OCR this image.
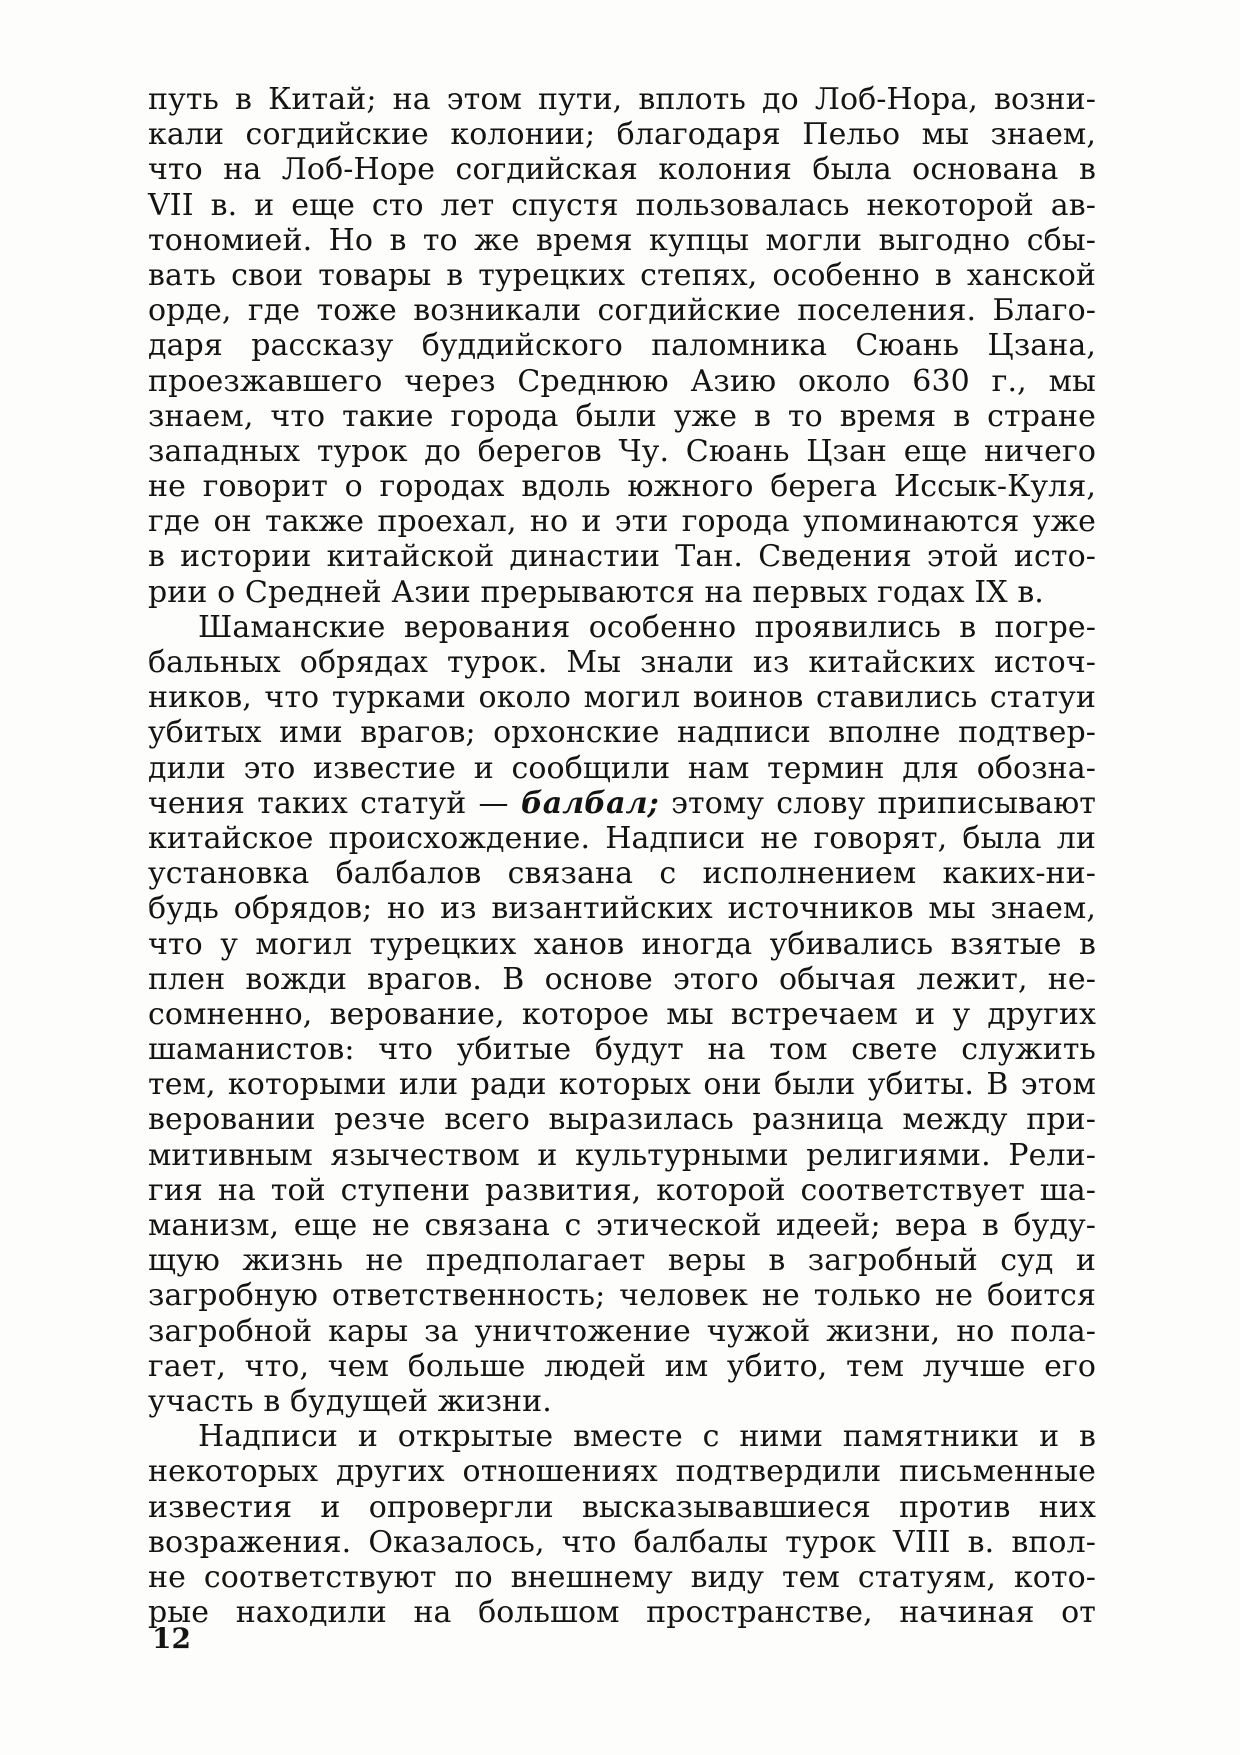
путь в Китай; на этом пути, вплоть до Лоб-Нора, возни-
кали согдийские колонии; благодаря Пельо мы знаем,
что на Лоб-Норе согдийская колония была основана в
VII в. и еще сто лет спустя пользовалась некоторой ав-
тономией. Но в то же время купцы могли выгодно сбы-
вать свои товары в турецких степях, особенно в ханской
орде, где тоже возникали согдийские поселения. Благо-
даря рассказу буддийского паломника Сюань Цзана,
проезжавшего через Среднюю Азию около 630 г., мы
знаем, что такие города были уже в то время в стране
западных турок до берегов Чу. Сюань Цзан еще ничего
не говорит о городах вдоль южного берега Иссык-Куля,
где он также проехал, но и эти города упоминаются уже
в истории китайской династии Тан. Сведения этой исто-
рии о Средней Азии прерываются на первых годах IX в.
Шаманские верования особенно проявились в погре-
бальных обрядах турок. Мы знали из китайских источ-
ников, что турками около могил воинов ставились статуи
убитых ими врагов; орхонские надписи вполне подтвер-
дили это известие и сообщили нам термин для обозна-
чения таких статуй — балбал; этому слову приписывают
китайское происхождение. Надписи не говорят, была ли
установка балбалов связана с исполнением каких-ни-
будь обрядов; но из византийских источников мы знаем,
что у могил турецких ханов иногда убивались взятые в
плен вожди врагов. В основе этого обычая лежит, не-
сомненно, верование, которое мы встречаем и у других
шаманистов: что убитые будут на том свете служить
тем, которыми или ради которых они были убиты. В этом
веровании резче всего выразилась разница между при-
митивным язычеством и культурными религиями. Рели-
гия на той ступени развития, которой соответствует ша-
манизм, еще не связана с этической идеей; вера в буду-
щую жизнь не предполагает веры в загробный суд и
загробную ответственность; человек не только не боится
загробной кары за уничтожение чужой жизни, но пола-
гает, что, чем больше людей им убито, тем лучше его
участь в будущей жизни.
Надписи и открытые вместе с ними памятники и в
некоторых других отношениях подтвердили письменные
известия и опровергли высказывавшиеся против них
возражения. Оказалось, что балбалы турок VIII в. впол-
не соответствуют по внешнему виду тем статуям, кото-
рые находили на большом пространстве, начиная от
12
